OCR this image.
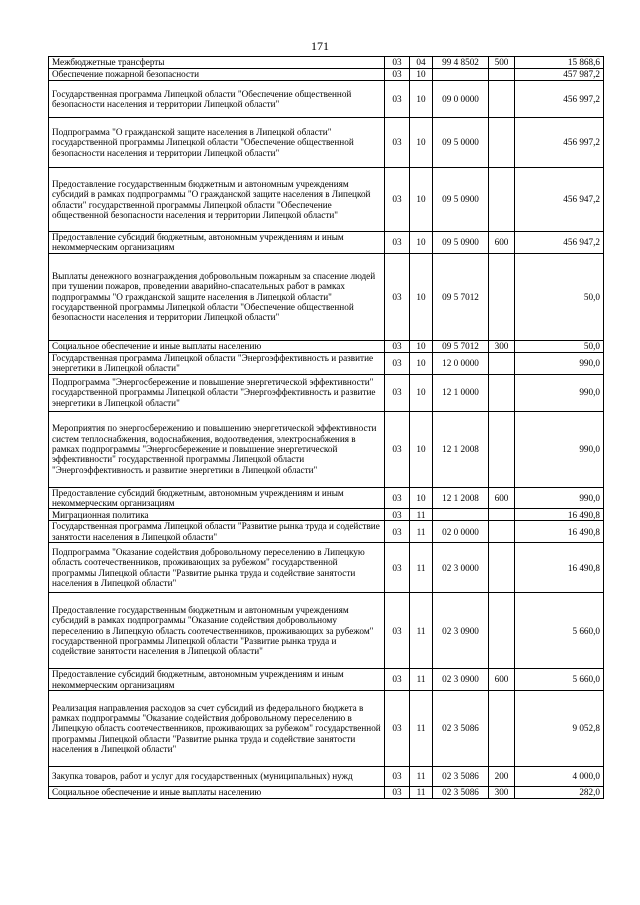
171
Межбюджетные трансферты	03	04	99 4 8502	500	15 868,6
Обеспечение пожарной безопасности	03	10			457 987,2
Государственная программа Липецкой области "Обеспечение общественной безопасности населения и территории Липецкой области"	03	10	09 0 0000		456 997,2
Подпрограмма "О гражданской защите населения в Липецкой области" государственной программы Липецкой области "Обеспечение общественной безопасности населения и территории Липецкой области"	03	10	09 5 0000		456 997,2
Предоставление государственным бюджетным и автономным учреждениям субсидий в рамках подпрограммы "О гражданской защите населения в Липецкой области" государственной программы Липецкой области "Обеспечение общественной безопасности населения и территории Липецкой области"	03	10	09 5 0900		456 947,2
Предоставление субсидий бюджетным, автономным учреждениям и иным некоммерческим организациям	03	10	09 5 0900	600	456 947,2
Выплаты денежного вознаграждения добровольным пожарным за спасение людей при тушении пожаров, проведении аварийно-спасательных работ в рамках подпрограммы "О гражданской защите населения в Липецкой области" государственной программы Липецкой области "Обеспечение общественной безопасности населения и территории Липецкой области"	03	10	09 5 7012		50,0
Социальное обеспечение и иные выплаты населению	03	10	09 5 7012	300	50,0
Государственная программа Липецкой области "Энергоэффективность и развитие энергетики в Липецкой области"	03	10	12 0 0000		990,0
Подпрограмма "Энергосбережение и повышение энергетической эффективности" государственной программы Липецкой области "Энергоэффективность и развитие энергетики в Липецкой области"	03	10	12 1 0000		990,0
Мероприятия по энергосбережению и повышению энергетической эффективности систем теплоснабжения, водоснабжения, водоотведения, электроснабжения в рамках подпрограммы "Энергосбережение и повышение энергетической эффективности" государственной программы Липецкой области "Энергоэффективность и развитие энергетики в Липецкой области"	03	10	12 1 2008		990,0
Предоставление субсидий бюджетным, автономным учреждениям и иным некоммерческим организациям	03	10	12 1 2008	600	990,0
Миграционная политика	03	11			16 490,8
Государственная программа Липецкой области "Развитие рынка труда и содействие занятости населения в Липецкой области"	03	11	02 0 0000		16 490,8
Подпрограмма "Оказание содействия добровольному переселению в Липецкую область соотечественников, проживающих за рубежом" государственной программы Липецкой области "Развитие рынка труда и содействие занятости населения в Липецкой области"	03	11	02 3 0000		16 490,8
Предоставление государственным бюджетным и автономным учреждениям субсидий в рамках подпрограммы "Оказание содействия добровольному переселению в Липецкую область соотечественников, проживающих за рубежом" государственной программы Липецкой области "Развитие рынка труда и содействие занятости населения в Липецкой области"	03	11	02 3 0900		5 660,0
Предоставление субсидий бюджетным, автономным учреждениям и иным некоммерческим организациям	03	11	02 3 0900	600	5 660,0
Реализация направления расходов за счет субсидий из федерального бюджета в рамках подпрограммы "Оказание содействия добровольному переселению в Липецкую область соотечественников, проживающих за рубежом" государственной программы Липецкой области "Развитие рынка труда и содействие занятости населения в Липецкой области"	03	11	02 3 5086		9 052,8
Закупка товаров, работ и услуг для государственных (муниципальных) нужд	03	11	02 3 5086	200	4 000,0
Социальное обеспечение и иные выплаты населению	03	11	02 3 5086	300	282,0
